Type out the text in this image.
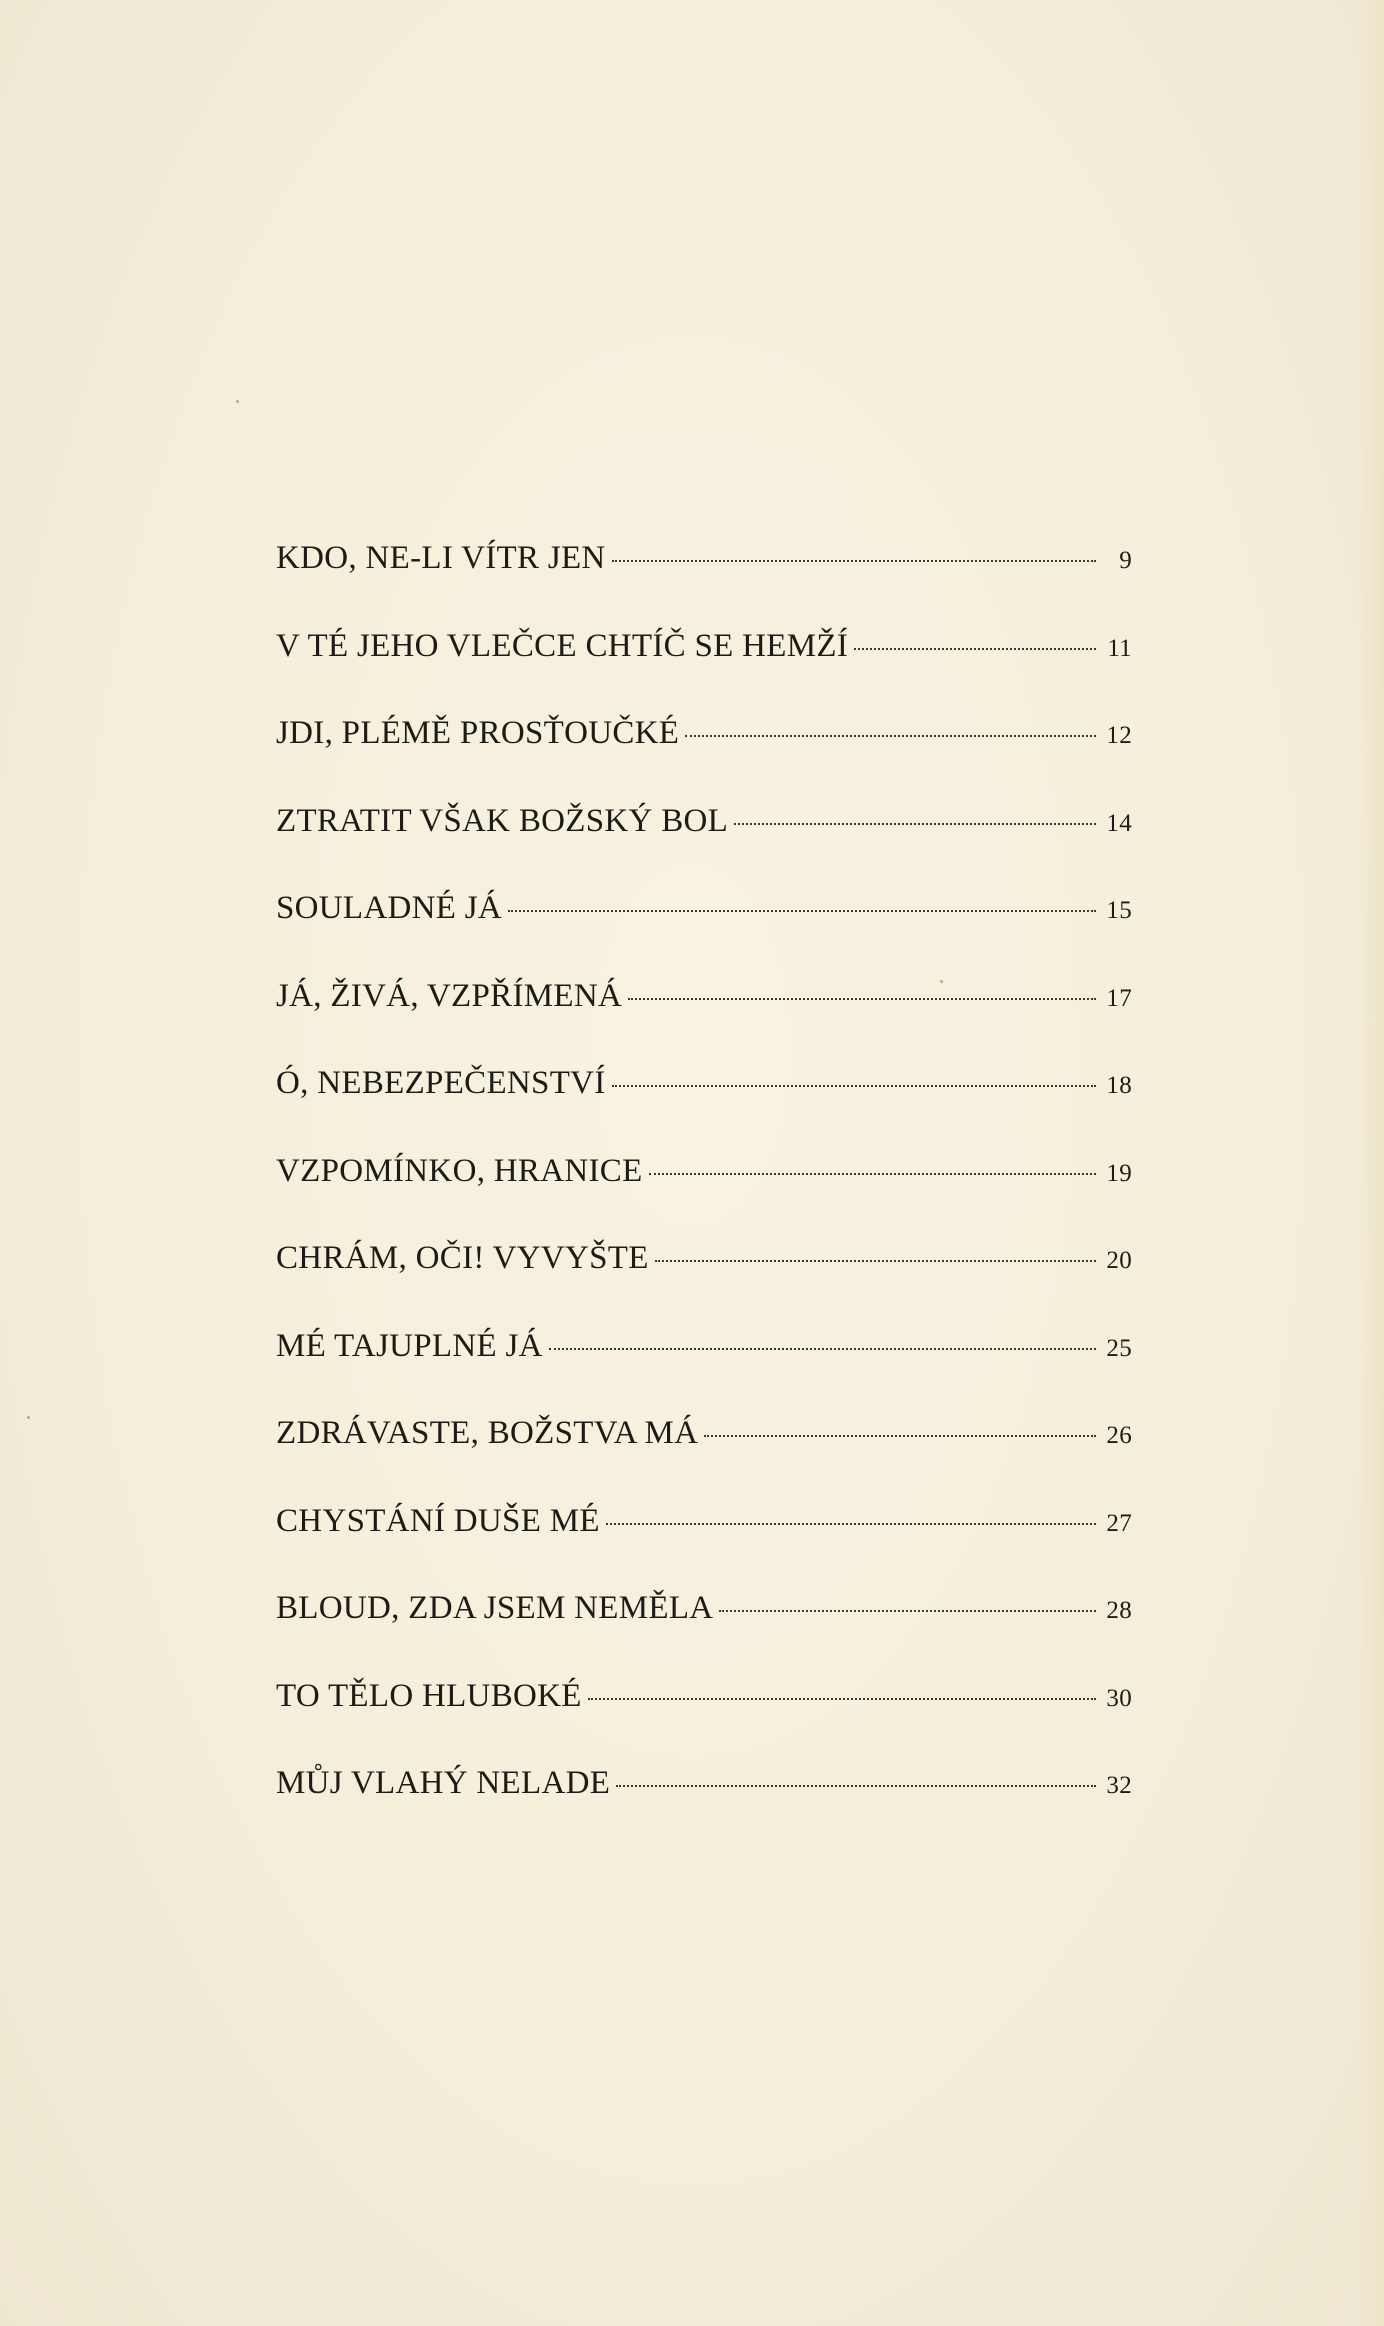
KDO, NE-LI VÍTR JEN	9
V TÉ JEHO VLEČCE CHTÍČ SE HEMŽÍ	11
JDI, PLÉMĚ PROSŤOUČKÉ	12
ZTRATIT VŠAK BOŽSKÝ BOL	14
SOULADNÉ JÁ	15
JÁ, ŽIVÁ, VZPŘÍMENÁ	17
Ó, NEBEZPEČENSTVÍ	18
VZPOMÍNKO, HRANICE	19
CHRÁM, OČI! VYVYŠTE	20
MÉ TAJUPLNÉ JÁ	25
ZDRÁVASTE, BOŽSTVA MÁ	26
CHYSTÁNÍ DUŠE MÉ	27
BLOUD, ZDA JSEM NEMĚLA	28
TO TĚLO HLUBOKÉ	30
MŮJ VLAHÝ NELADE	32
